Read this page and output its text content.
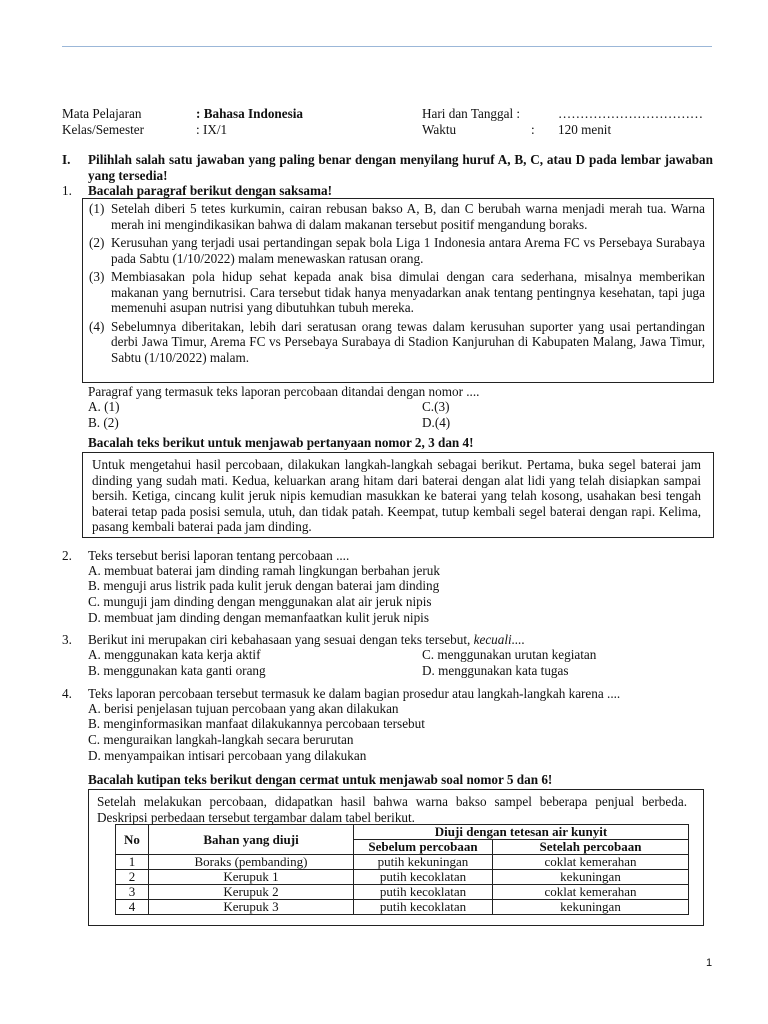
Mata Pelajaran	: Bahasa Indonesia	Hari dan Tanggal :	……………………………
Kelas/Semester	: IX/1	Waktu	: 120 menit
I. Pilihlah salah satu jawaban yang paling benar dengan menyilang huruf A, B, C, atau D pada lembar jawaban yang tersedia!
1. Bacalah paragraf berikut dengan saksama!
(1) Setelah diberi 5 tetes kurkumin, cairan rebusan bakso A, B, dan C berubah warna menjadi merah tua. Warna merah ini mengindikasikan bahwa di dalam makanan tersebut positif mengandung boraks.
(2) Kerusuhan yang terjadi usai pertandingan sepak bola Liga 1 Indonesia antara Arema FC vs Persebaya Surabaya pada Sabtu (1/10/2022) malam menewaskan ratusan orang.
(3) Membiasakan pola hidup sehat kepada anak bisa dimulai dengan cara sederhana, misalnya memberikan makanan yang bernutrisi. Cara tersebut tidak hanya menyadarkan anak tentang pentingnya kesehatan, tapi juga memenuhi asupan nutrisi yang dibutuhkan tubuh mereka.
(4) Sebelumnya diberitakan, lebih dari seratusan orang tewas dalam kerusuhan suporter yang usai pertandingan derbi Jawa Timur, Arema FC vs Persebaya Surabaya di Stadion Kanjuruhan di Kabupaten Malang, Jawa Timur, Sabtu (1/10/2022) malam.
Paragraf yang termasuk teks laporan percobaan ditandai dengan nomor ....
A. (1)	C.(3)
B. (2)	D.(4)
Bacalah teks berikut untuk menjawab pertanyaan nomor 2, 3 dan 4!
Untuk mengetahui hasil percobaan, dilakukan langkah-langkah sebagai berikut. Pertama, buka segel baterai jam dinding yang sudah mati. Kedua, keluarkan arang hitam dari baterai dengan alat lidi yang telah disiapkan sampai bersih. Ketiga, cincang kulit jeruk nipis kemudian masukkan ke baterai yang telah kosong, usahakan besi tengah baterai tetap pada posisi semula, utuh, dan tidak patah. Keempat, tutup kembali segel baterai dengan rapi. Kelima, pasang kembali baterai pada jam dinding.
2. Teks tersebut berisi laporan tentang percobaan ....
A. membuat baterai jam dinding ramah lingkungan berbahan jeruk
B. menguji arus listrik pada kulit jeruk dengan baterai jam dinding
C. munguji jam dinding dengan menggunakan alat air jeruk nipis
D. membuat jam dinding dengan memanfaatkan kulit jeruk nipis
3. Berikut ini merupakan ciri kebahasaan yang sesuai dengan teks tersebut, kecuali....
A. menggunakan kata kerja aktif	C. menggunakan urutan kegiatan
B. menggunakan kata ganti orang	D. menggunakan kata tugas
4. Teks laporan percobaan tersebut termasuk ke dalam bagian prosedur atau langkah-langkah karena ....
A. berisi penjelasan tujuan percobaan yang akan dilakukan
B. menginformasikan manfaat dilakukannya percobaan tersebut
C. menguraikan langkah-langkah secara berurutan
D. menyampaikan intisari percobaan yang dilakukan
Bacalah kutipan teks berikut dengan cermat untuk menjawab soal nomor 5 dan 6!
Setelah melakukan percobaan, didapatkan hasil bahwa warna bakso sampel beberapa penjual berbeda. Deskripsi perbedaan tersebut tergambar dalam tabel berikut.
No	Bahan yang diuji	Diuji dengan tetesan air kunyit	
		Sebelum percobaan	Setelah percobaan
1	Boraks (pembanding)	putih kekuningan	coklat kemerahan
2	Kerupuk 1	putih kecoklatan	kekuningan
3	Kerupuk 2	putih kecoklatan	coklat kemerahan
4	Kerupuk 3	putih kecoklatan	kekuningan
1
